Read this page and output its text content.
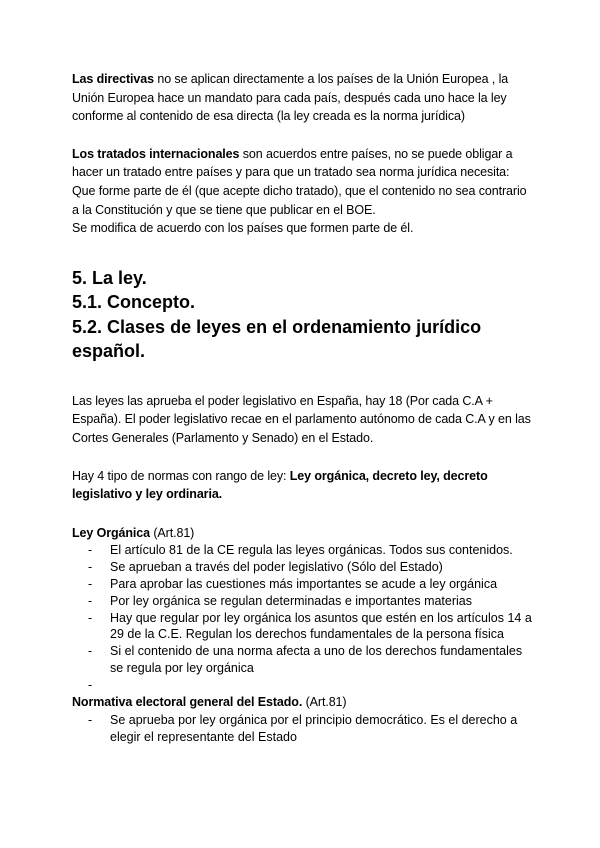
Las directivas no se aplican directamente a los países de la Unión Europea , la Unión Europea hace un mandato para cada país, después cada uno hace la ley conforme al contenido de esa directa (la ley creada es la norma jurídica)

Los tratados internacionales son acuerdos entre países, no se puede obligar a hacer un tratado entre países y para que un tratado sea norma jurídica necesita: Que forme parte de él (que acepte dicho tratado), que el contenido no sea contrario a la Constitución y que se tiene que publicar en el BOE.

Se modifica de acuerdo con los países que formen parte de él.

5. La ley.

5.1. Concepto.

5.2. Clases de leyes en el ordenamiento jurídico español.

Las leyes las aprueba el poder legislativo en España, hay 18 (Por cada C.A + España). El poder legislativo recae en el parlamento autónomo de cada C.A y en las Cortes Generales (Parlamento y Senado) en el Estado.

Hay 4 tipo de normas con rango de ley: Ley orgánica, decreto ley, decreto legislativo y ley ordinaria.

Ley Orgánica (Art.81)

- El artículo 81 de la CE regula las leyes orgánicas. Todos sus contenidos.
- Se aprueban a través del poder legislativo (Sólo del Estado)
- Para aprobar las cuestiones más importantes se acude a ley orgánica
- Por ley orgánica se regulan determinadas e importantes materias
- Hay que regular por ley orgánica los asuntos que estén en los artículos 14 a 29 de la C.E. Regulan los derechos fundamentales de la persona física
- Si el contenido de una norma afecta a uno de los derechos fundamentales se regula por ley orgánica
-

Normativa electoral general del Estado. (Art.81)

- Se aprueba por ley orgánica por el principio democrático. Es el derecho a elegir el representante del Estado
